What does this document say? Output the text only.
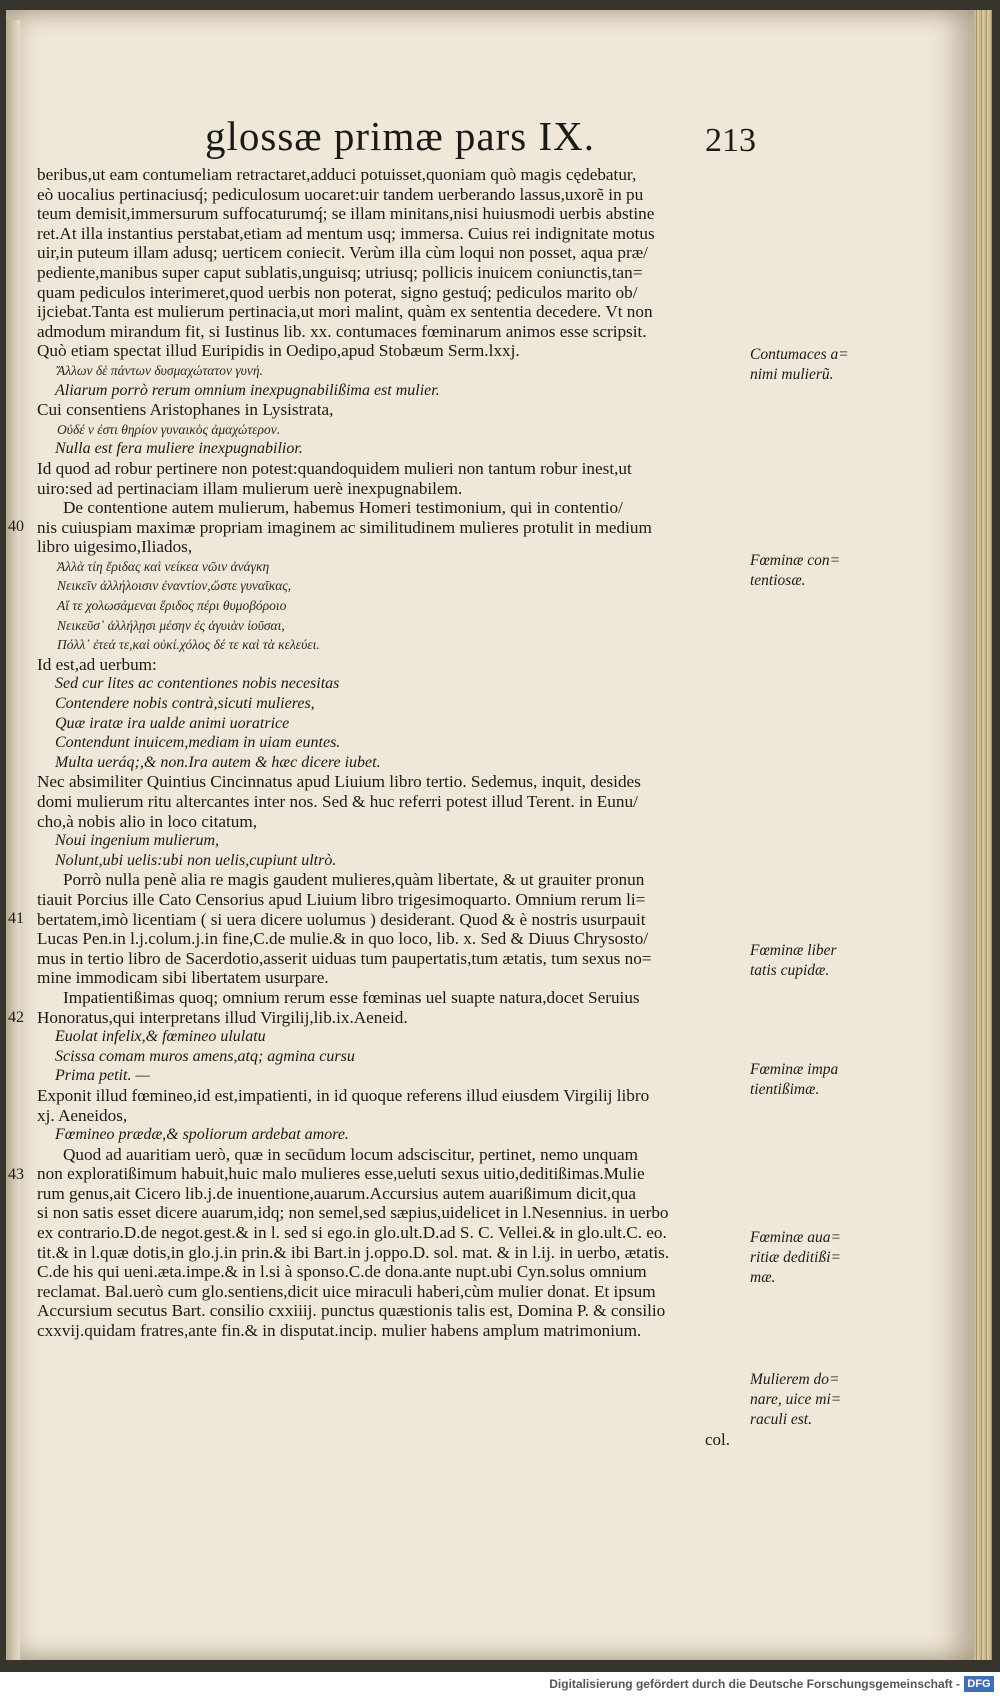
glossæ primæ pars IX.	213
beribus,ut eam contumeliam retractaret,adduci potuisset,quoniam quò magis cędebatur,
eò uocalius pertinaciusq́; pediculosum uocaret:uir tandem uerberando lassus,uxorẽ in pu
teum demisit,immersurum suffocaturumq́; se illam minitans,nisi huiusmodi uerbis abstine
ret.At illa instantius perstabat,etiam ad mentum usq; immersa. Cuius rei indignitate motus
uir,in puteum illam adusq; uerticem coniecit. Verùm illa cùm loqui non posset, aqua præ/
pediente,manibus super caput sublatis,unguisq; utriusq; pollicis inuicem coniunctis,tan=
quam pediculos interimeret,quod uerbis non poterat, signo gestuq́; pediculos marito ob/
ijciebat.Tanta est mulierum pertinacia,ut mori malint, quàm ex sententia decedere. Vt non
admodum mirandum fit, si Iustinus lib. xx. contumaces fœminarum animos esse scripsit.
Quò etiam spectat illud Euripidis in Oedipo,apud Stobæum Serm.lxxj.
Ἄλλων δὲ πάντων δυσμαχώτατον γυνή.
Aliarum porrò rerum omnium inexpugnabilißima est mulier.
Cui consentiens Aristophanes in Lysistrata,
Οὐδέ ν ἐστι θηρίον γυναικὸς ἀμαχώτερον.
Nulla est fera muliere inexpugnabilior.
Id quod ad robur pertinere non potest:quandoquidem mulieri non tantum robur inest,ut
uiro:sed ad pertinaciam illam mulierum uerè inexpugnabilem.
De contentione autem mulierum, habemus Homeri testimonium, qui in contentio/
nis cuiuspiam maximæ propriam imaginem ac similitudinem mulieres protulit in medium
libro uigesimo,Iliados,
Ἀλλὰ τίη ἔριδας καὶ νείκεα νῶιν ἀνάγκη
Νεικεῖν ἀλλήλοισιν ἐναντίον,ὥστε γυναῖκας,
Αἵ τε χολωσάμεναι ἔριδος πέρι θυμοβόροιο
Νεικεῦσ᾽ ἀλλήλῃσι μέσην ἐς ἀγυιὰν ἰοῦσαι,
Πόλλ᾽ ἐτεά τε,καὶ οὐκί.χόλος δέ τε καὶ τὰ κελεύει.
Id est,ad uerbum:
Sed cur lites ac contentiones nobis necesitas
Contendere nobis contrà,sicuti mulieres,
Quæ iratæ ira ualde animi uoratrice
Contendunt inuicem,mediam in uiam euntes.
Multa ueráq;,& non.Ira autem & hæc dicere iubet.
Nec absimiliter Quintius Cincinnatus apud Liuium libro tertio. Sedemus, inquit, desides
domi mulierum ritu altercantes inter nos. Sed & huc referri potest illud Terent. in Eunu/
cho,à nobis alio in loco citatum,
Noui ingenium mulierum,
Nolunt,ubi uelis:ubi non uelis,cupiunt ultrò.
Porrò nulla penè alia re magis gaudent mulieres,quàm libertate, & ut grauiter pronun
tiauit Porcius ille Cato Censorius apud Liuium libro trigesimoquarto. Omnium rerum li=
bertatem,imò licentiam ( si uera dicere uolumus ) desiderant. Quod & è nostris usurpauit
Lucas Pen.in l.j.colum.j.in fine,C.de mulie.& in quo loco, lib. x. Sed & Diuus Chrysosto/
mus in tertio libro de Sacerdotio,asserit uiduas tum paupertatis,tum ætatis, tum sexus no=
mine immodicam sibi libertatem usurpare.
Impatientißimas quoq; omnium rerum esse fœminas uel suapte natura,docet Seruius
Honoratus,qui interpretans illud Virgilij,lib.ix.Aeneid.
Euolat infelix,& fœmineo ululatu
Scissa comam muros amens,atq; agmina cursu
Prima petit. —
Exponit illud fœmineo,id est,impatienti, in id quoque referens illud eiusdem Virgilij libro
xj. Aeneidos,
Fœmineo prædæ,& spoliorum ardebat amore.
Quod ad auaritiam uerò, quæ in secūdum locum adsciscitur, pertinet, nemo unquam
non exploratißimum habuit,huic malo mulieres esse,ueluti sexus uitio,deditißimas.Mulie
rum genus,ait Cicero lib.j.de inuentione,auarum.Accursius autem auarißimum dicit,qua
si non satis esset dicere auarum,idq; non semel,sed sæpius,uidelicet in l.Nesennius. in uerbo
ex contrario.D.de negot.gest.& in l. sed si ego.in glo.ult.D.ad S. C. Vellei.& in glo.ult.C. eo.
tit.& in l.quæ dotis,in glo.j.in prin.& ibi Bart.in j.oppo.D. sol. mat. & in l.ij. in uerbo, ætatis.
C.de his qui ueni.æta.impe.& in l.si à sponso.C.de dona.ante nupt.ubi Cyn.solus omnium
reclamat. Bal.uerò cum glo.sentiens,dicit uice miraculi haberi,cùm mulier donat. Et ipsum
Accursium secutus Bart. consilio cxxiiij. punctus quæstionis talis est, Domina P. & consilio
cxxvij.quidam fratres,ante fin.& in disputat.incip. mulier habens amplum matrimonium.
col.
Contumaces a=
nimi mulierũ.
Fœminæ con=
tentiosæ.
Fœminæ liber
tatis cupidæ.
Fœminæ impa
tientißimæ.
Fœminæ aua=
ritiæ deditißi=
mæ.
Mulierem do=
nare, uice mi=
raculi est.
40
41
42
43
Digitalisierung gefördert durch die Deutsche Forschungsgemeinschaft - DFG
